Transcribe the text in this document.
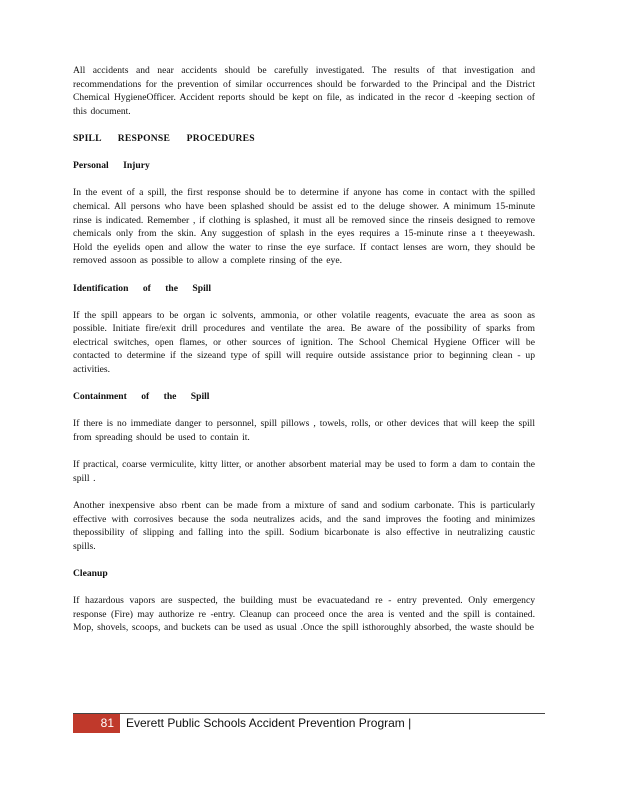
All accidents and near accidents should be carefully investigated. The results of that investigation and recommendations for the prevention of similar occurrences should be forwarded to the Principal and the District Chemical HygieneOfficer. Accident reports should be kept on file, as indicated in the recor d -keeping section of this document.

SPILL RESPONSE PROCEDURES
Personal Injury

In the event of a spill, the first response should be to determine if anyone has come in contact with the spilled chemical. All persons who have been splashed should be assist ed to the deluge shower. A minimum 15-minute rinse is indicated. Remember , if clothing is splashed, it must all be removed since the rinseis designed to remove chemicals only from the skin. Any suggestion of splash in the eyes requires a 15-minute rinse a t theeyewash. Hold the eyelids open and allow the water to rinse the eye surface. If contact lenses are worn, they should be removed assoon as possible to allow a complete rinsing of the eye.

Identification of the Spill

If the spill appears to be organ ic solvents, ammonia, or other volatile reagents, evacuate the area as soon as possible. Initiate fire/exit drill procedures and ventilate the area. Be aware of the possibility of sparks from electrical switches, open flames, or other sources of ignition. The School Chemical Hygiene Officer will be contacted to determine if the sizeand type of spill will require outside assistance prior to beginning clean - up activities.

Containment of the Spill

If there is no immediate danger to personnel, spill pillows , towels, rolls, or other devices that will keep the spill from spreading should be used to contain it.

If practical, coarse vermiculite, kitty litter, or another absorbent material may be used to form a dam to contain the spill .

Another inexpensive abso rbent can be made from a mixture of sand and sodium carbonate. This is particularly effective with corrosives because the soda neutralizes acids, and the sand improves the footing and minimizes thepossibility of slipping and falling into the spill. Sodium bicarbonate is also effective in neutralizing caustic spills.

Cleanup

If hazardous vapors are suspected, the building must be evacuatedand re - entry prevented. Only emergency response (Fire) may authorize re -entry. Cleanup can proceed once the area is vented and the spill is contained. Mop, shovels, scoops, and buckets can be used as usual .Once the spill isthoroughly absorbed, the waste should be

81	Everett Public Schools Accident Prevention Program |
